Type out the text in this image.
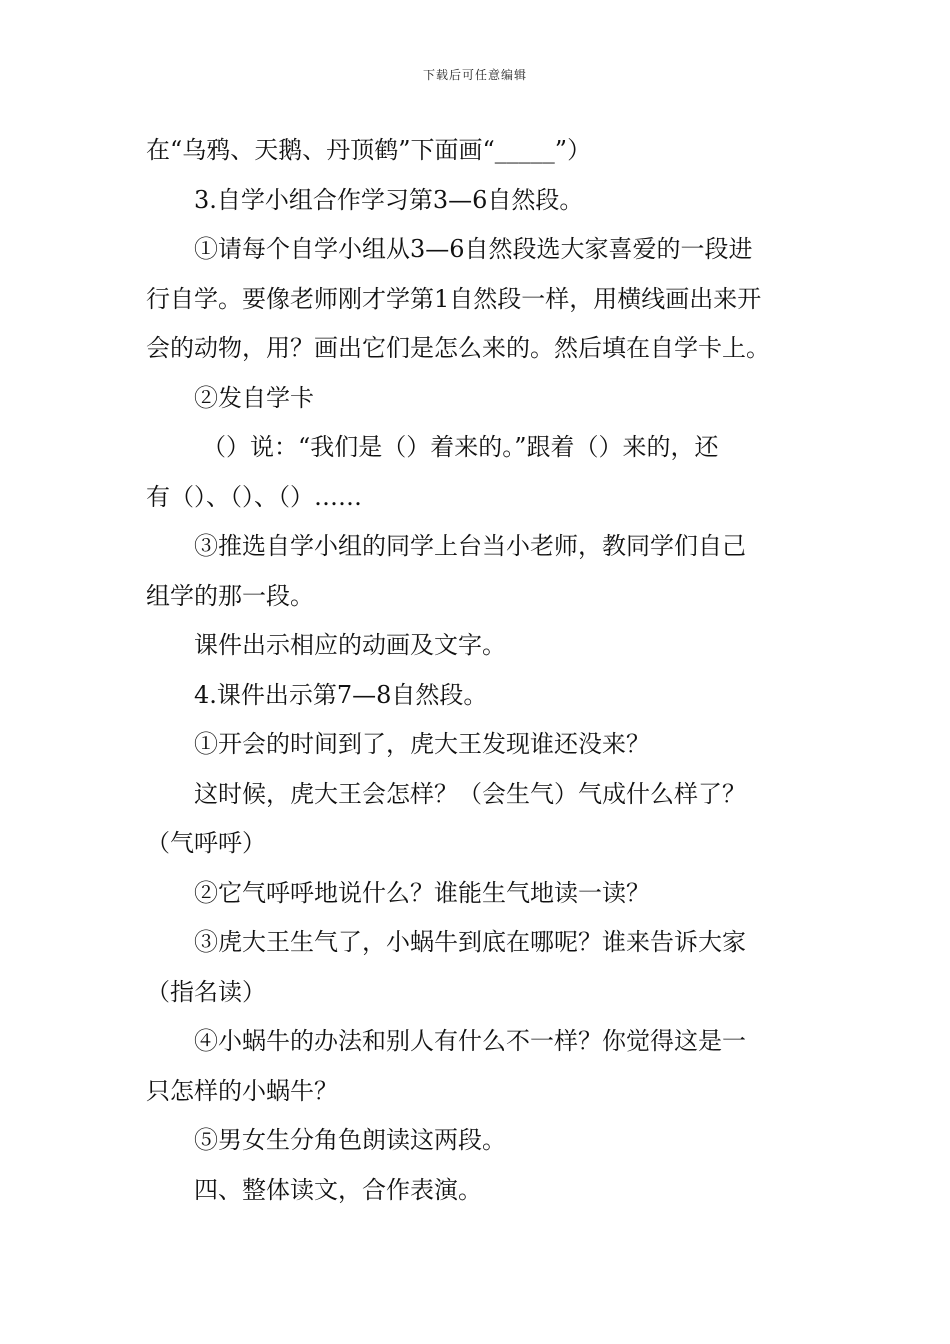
下载后可任意编辑
在“乌鸦、天鹅、丹顶鹤”下面画“_____”）
3.自学小组合作学习第3—6自然段。
①请每个自学小组从3—6自然段选大家喜爱的一段进
行自学。要像老师刚才学第1自然段一样，用横线画出来开
会的动物，用？画出它们是怎么来的。然后填在自学卡上。
②发自学卡
（）说：“我们是（）着来的。”跟着（）来的，还
有（）、（）、（）……
③推选自学小组的同学上台当小老师，教同学们自己
组学的那一段。
课件出示相应的动画及文字。
4.课件出示第7—8自然段。
①开会的时间到了，虎大王发现谁还没来？
这时候，虎大王会怎样？（会生气）气成什么样了？
（气呼呼）
②它气呼呼地说什么？谁能生气地读一读？
③虎大王生气了，小蜗牛到底在哪呢？谁来告诉大家
（指名读）
④小蜗牛的办法和别人有什么不一样？你觉得这是一
只怎样的小蜗牛？
⑤男女生分角色朗读这两段。
四、整体读文，合作表演。
